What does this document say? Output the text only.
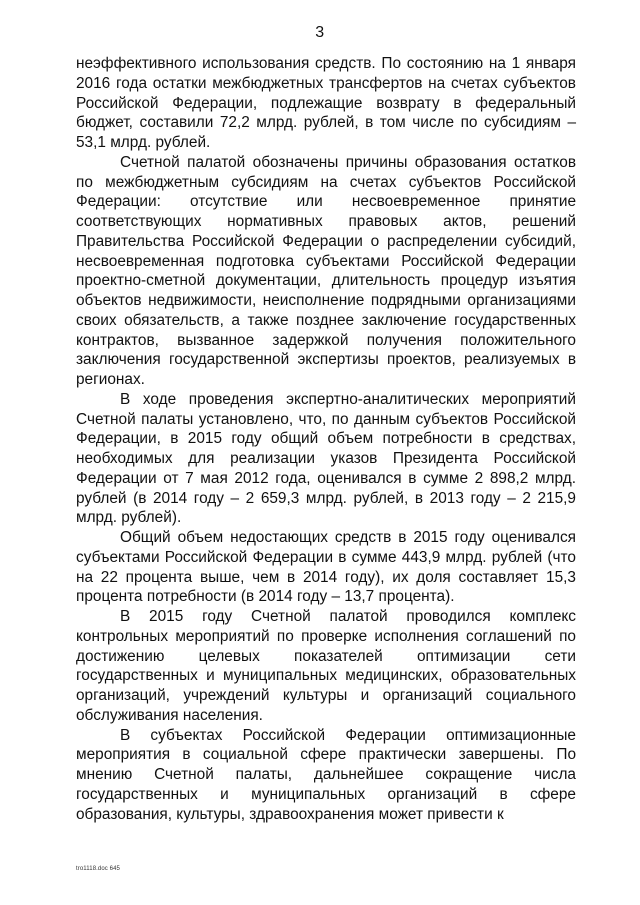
3

неэффективного использования средств. По состоянию на 1 января 2016 года остатки межбюджетных трансфертов на счетах субъектов Российской Федерации, подлежащие возврату в федеральный бюджет, составили 72,2 млрд. рублей, в том числе по субсидиям – 53,1 млрд. рублей.

Счетной палатой обозначены причины образования остатков по межбюджетным субсидиям на счетах субъектов Российской Федерации: отсутствие или несвоевременное принятие соответствующих нормативных правовых актов, решений Правительства Российской Федерации о распределении субсидий, несвоевременная подготовка субъектами Российской Федерации проектно-сметной документации, длительность процедур изъятия объектов недвижимости, неисполнение подрядными организациями своих обязательств, а также позднее заключение государственных контрактов, вызванное задержкой получения положительного заключения государственной экспертизы проектов, реализуемых в регионах.

В ходе проведения экспертно-аналитических мероприятий Счетной палаты установлено, что, по данным субъектов Российской Федерации, в 2015 году общий объем потребности в средствах, необходимых для реализации указов Президента Российской Федерации от 7 мая 2012 года, оценивался в сумме 2 898,2 млрд. рублей (в 2014 году – 2 659,3 млрд. рублей, в 2013 году – 2 215,9 млрд. рублей).

Общий объем недостающих средств в 2015 году оценивался субъектами Российской Федерации в сумме 443,9 млрд. рублей (что на 22 процента выше, чем в 2014 году), их доля составляет 15,3 процента потребности (в 2014 году – 13,7 процента).

В 2015 году Счетной палатой проводился комплекс контрольных мероприятий по проверке исполнения соглашений по достижению целевых показателей оптимизации сети государственных и муниципальных медицинских, образовательных организаций, учреждений культуры и организаций социального обслуживания населения.

В субъектах Российской Федерации оптимизационные мероприятия в социальной сфере практически завершены. По мнению Счетной палаты, дальнейшее сокращение числа государственных и муниципальных организаций в сфере образования, культуры, здравоохранения может привести к

tro1118.doc 645
